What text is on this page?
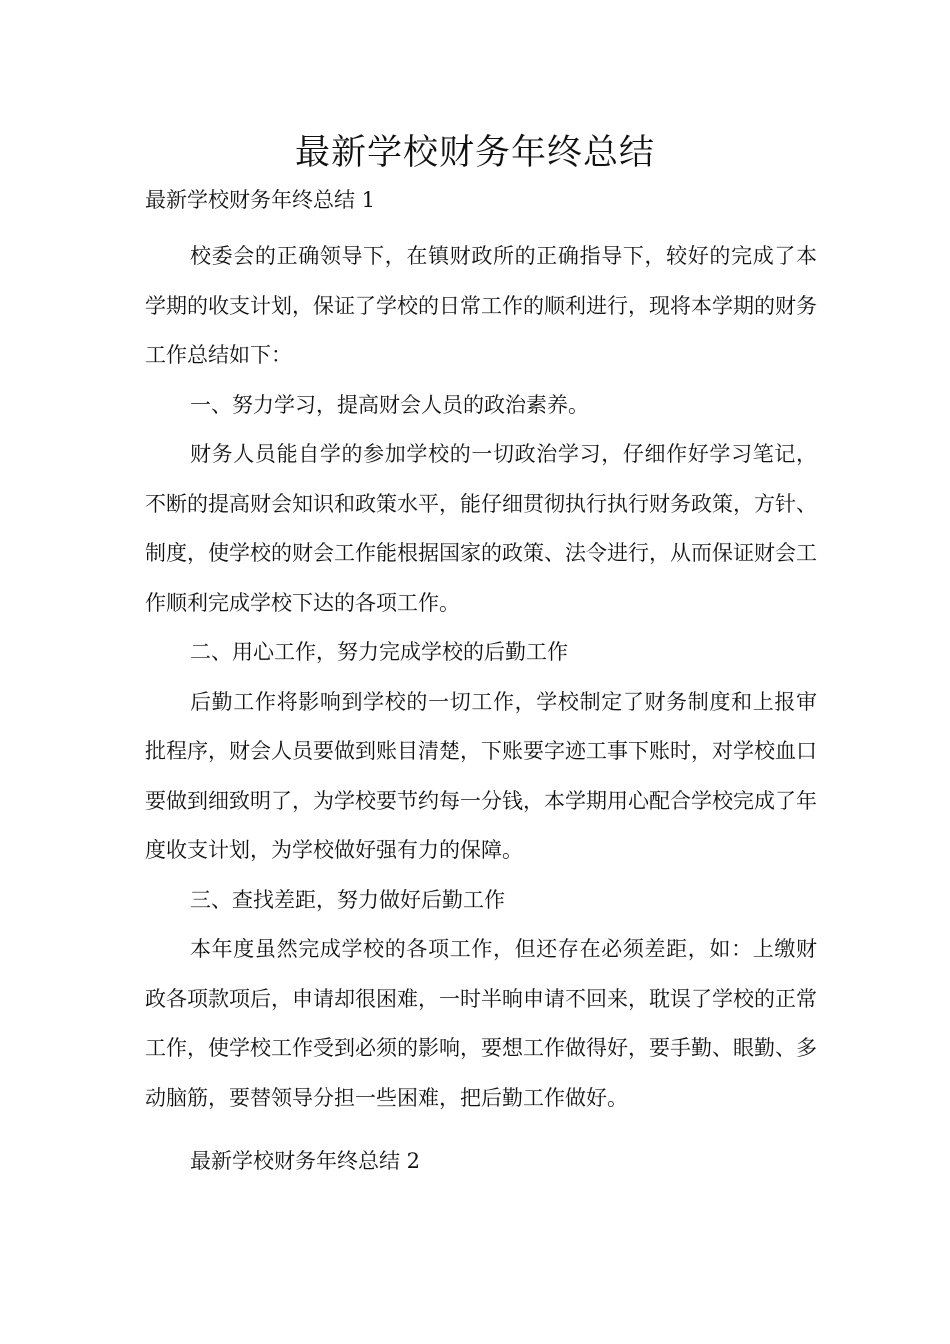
最新学校财务年终总结

最新学校财务年终总结 1

校委会的正确领导下，在镇财政所的正确指导下，较好的完成了本学期的收支计划，保证了学校的日常工作的顺利进行，现将本学期的财务工作总结如下：

一、努力学习，提高财会人员的政治素养。

财务人员能自学的参加学校的一切政治学习，仔细作好学习笔记，不断的提高财会知识和政策水平，能仔细贯彻执行执行财务政策，方针、制度，使学校的财会工作能根据国家的政策、法令进行，从而保证财会工作顺利完成学校下达的各项工作。

二、用心工作，努力完成学校的后勤工作

后勤工作将影响到学校的一切工作，学校制定了财务制度和上报审批程序，财会人员要做到账目清楚，下账要字迹工事下账时，对学校血口要做到细致明了，为学校要节约每一分钱，本学期用心配合学校完成了年度收支计划，为学校做好强有力的保障。

三、查找差距，努力做好后勤工作

本年度虽然完成学校的各项工作，但还存在必须差距，如：上缴财政各项款项后，申请却很困难，一时半晌申请不回来，耽误了学校的正常工作，使学校工作受到必须的影响，要想工作做得好，要手勤、眼勤、多动脑筋，要替领导分担一些困难，把后勤工作做好。

最新学校财务年终总结 2
